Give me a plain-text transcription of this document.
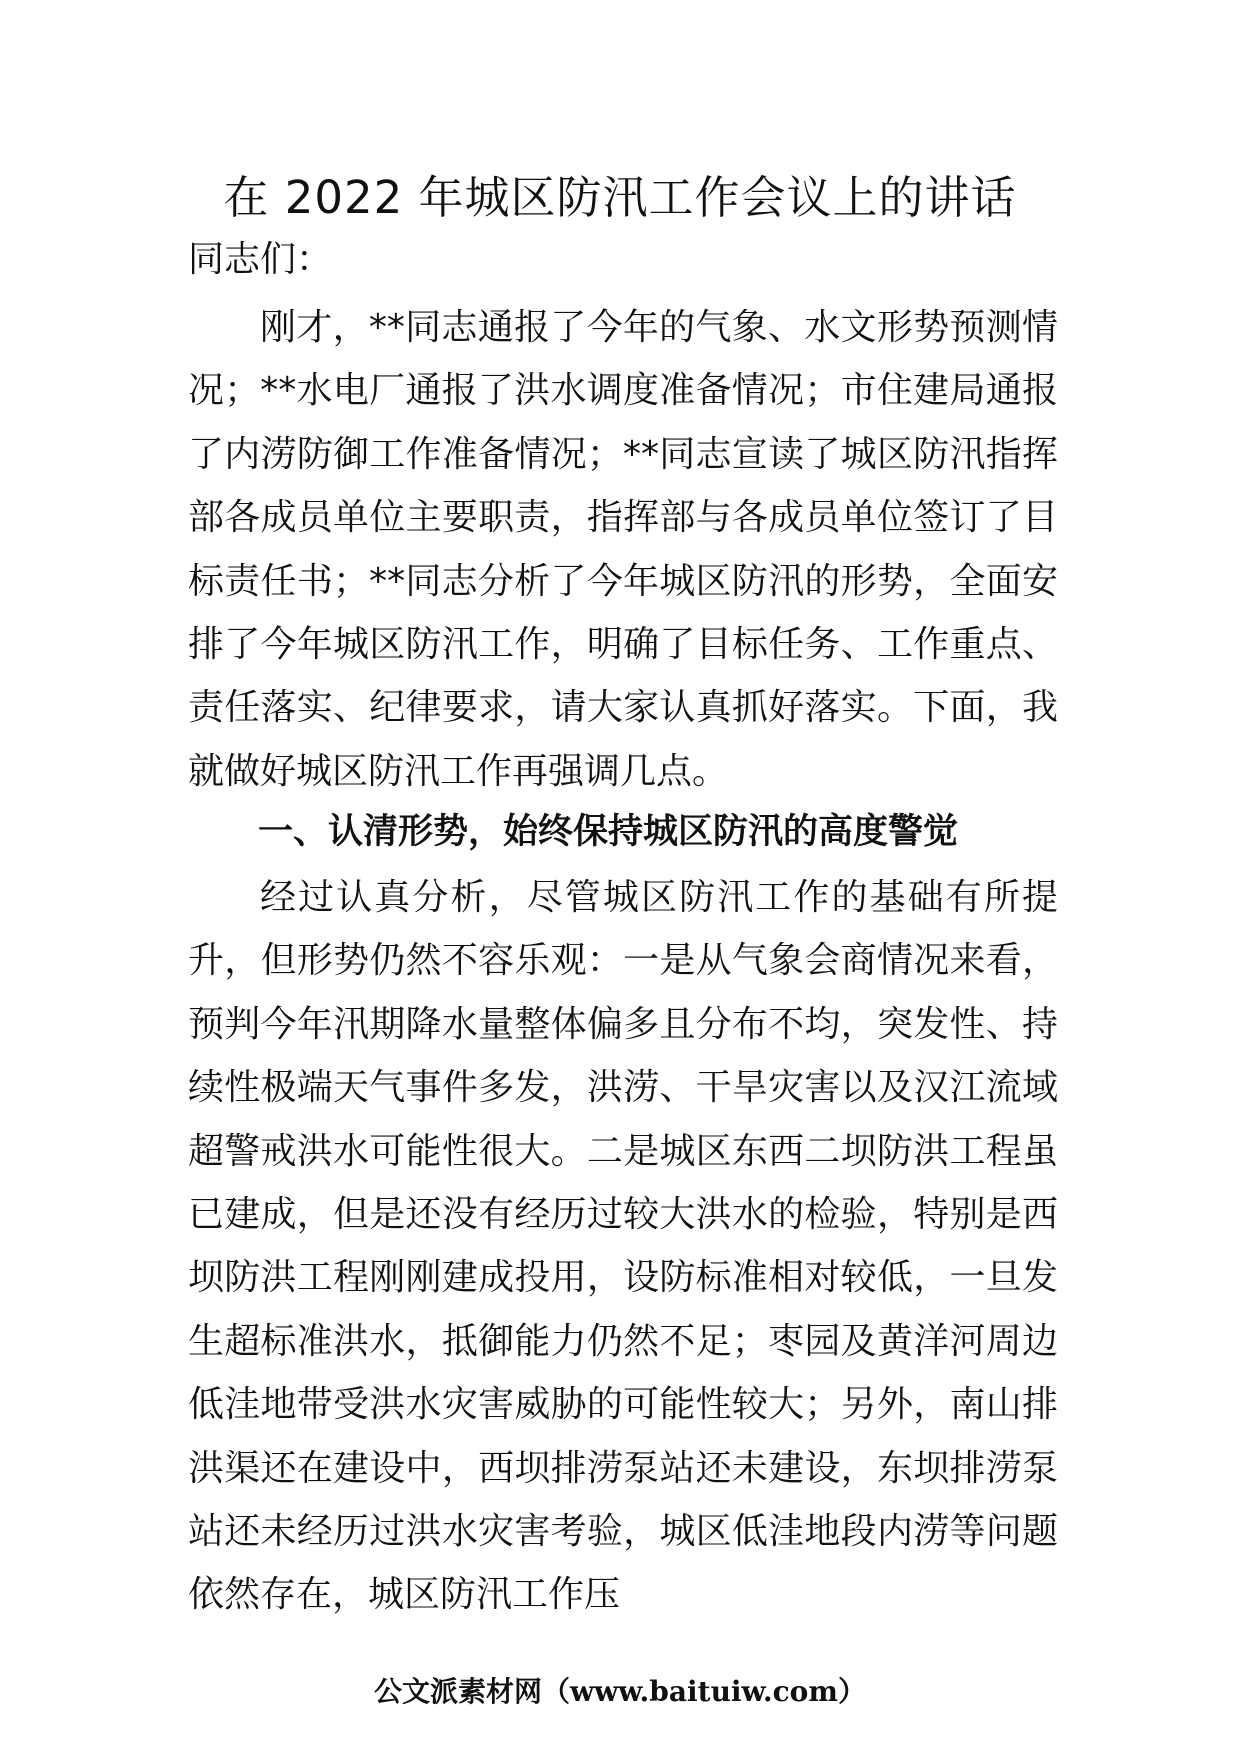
在 2022 年城区防汛工作会议上的讲话
同志们：
刚才，**同志通报了今年的气象、水文形势预测情况；**水电厂通报了洪水调度准备情况；市住建局通报了内涝防御工作准备情况；**同志宣读了城区防汛指挥部各成员单位主要职责，指挥部与各成员单位签订了目标责任书；**同志分析了今年城区防汛的形势，全面安排了今年城区防汛工作，明确了目标任务、工作重点、责任落实、纪律要求，请大家认真抓好落实。下面，我就做好城区防汛工作再强调几点。
一、认清形势，始终保持城区防汛的高度警觉
经过认真分析，尽管城区防汛工作的基础有所提升，但形势仍然不容乐观：一是从气象会商情况来看，预判今年汛期降水量整体偏多且分布不均，突发性、持续性极端天气事件多发，洪涝、干旱灾害以及汉江流域超警戒洪水可能性很大。二是城区东西二坝防洪工程虽已建成，但是还没有经历过较大洪水的检验，特别是西坝防洪工程刚刚建成投用，设防标准相对较低，一旦发生超标准洪水，抵御能力仍然不足；枣园及黄洋河周边低洼地带受洪水灾害威胁的可能性较大；另外，南山排洪渠还在建设中，西坝排涝泵站还未建设，东坝排涝泵站还未经历过洪水灾害考验，城区低洼地段内涝等问题依然存在，城区防汛工作压
公文派素材网（www.baituiw.com）
